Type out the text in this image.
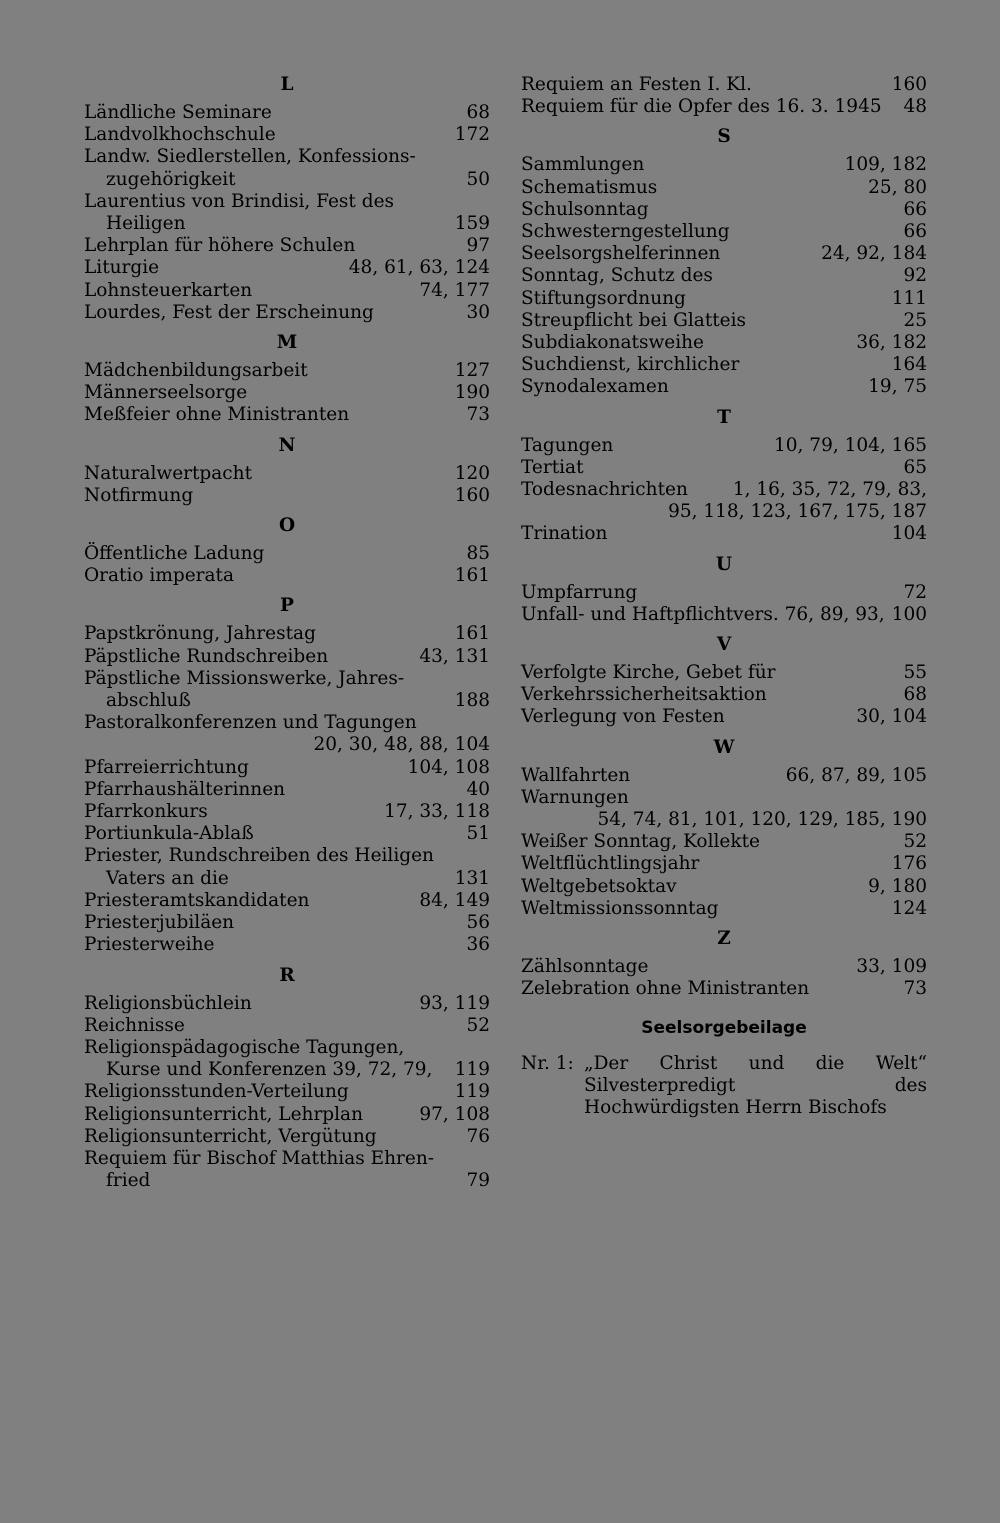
L
68
Ländliche Seminare
172
Landvolkhochschule
Landw. Siedlerstellen, Konfessions-
50
zugehörigkeit
Laurentius von Brindisi, Fest des
159
Heiligen
97
Lehrplan für höhere Schulen
48, 61, 63, 124
Liturgie
74, 177
Lohnsteuerkarten
30
Lourdes, Fest der Erscheinung
M
127
Mädchenbildungsarbeit
190
Männerseelsorge
73
Meßfeier ohne Ministranten
N
120
Naturalwertpacht
160
Notfirmung
O
85
Öffentliche Ladung
161
Oratio imperata
P
161
Papstkrönung, Jahrestag
43, 131
Päpstliche Rundschreiben
Päpstliche Missionswerke, Jahres-
188
abschluß
Pastoralkonferenzen und Tagungen
20, 30, 48, 88, 104
104, 108
Pfarreierrichtung
40
Pfarrhaushälterinnen
17, 33, 118
Pfarrkonkurs
51
Portiunkula-Ablaß
Priester, Rundschreiben des Heiligen
131
Vaters an die
84, 149
Priesteramtskandidaten
56
Priesterjubiläen
36
Priesterweihe
R
93, 119
Religionsbüchlein
52
Reichnisse
Religionspädagogische Tagungen,
119
Kurse und Konferenzen 39, 72, 79,
119
Religionsstunden-Verteilung
97, 108
Religionsunterricht, Lehrplan
76
Religionsunterricht, Vergütung
Requiem für Bischof Matthias Ehren-
79
fried
160
Requiem an Festen I. Kl.
48
Requiem für die Opfer des 16. 3. 1945
S
109, 182
Sammlungen
25, 80
Schematismus
66
Schulsonntag
66
Schwesterngestellung
24, 92, 184
Seelsorgshelferinnen
92
Sonntag, Schutz des
111
Stiftungsordnung
25
Streupflicht bei Glatteis
36, 182
Subdiakonatsweihe
164
Suchdienst, kirchlicher
19, 75
Synodalexamen
T
10, 79, 104, 165
Tagungen
65
Tertiat
1, 16, 35, 72, 79, 83,
Todesnachrichten
95, 118, 123, 167, 175, 187
104
Trination
U
72
Umpfarrung
100
Unfall- und Haftpflichtvers. 76, 89, 93,
V
55
Verfolgte Kirche, Gebet für
68
Verkehrssicherheitsaktion
30, 104
Verlegung von Festen
W
66, 87, 89, 105
Wallfahrten
Warnungen
54, 74, 81, 101, 120, 129, 185, 190
52
Weißer Sonntag, Kollekte
176
Weltflüchtlingsjahr
9, 180
Weltgebetsoktav
124
Weltmissionssonntag
Z
33, 109
Zählsonntage
73
Zelebration ohne Ministranten
Seelsorgebeilage
Nr. 1: „Der Christ und die Welt“ Silvesterpredigt des Hochwürdigsten Herrn Bischofs
